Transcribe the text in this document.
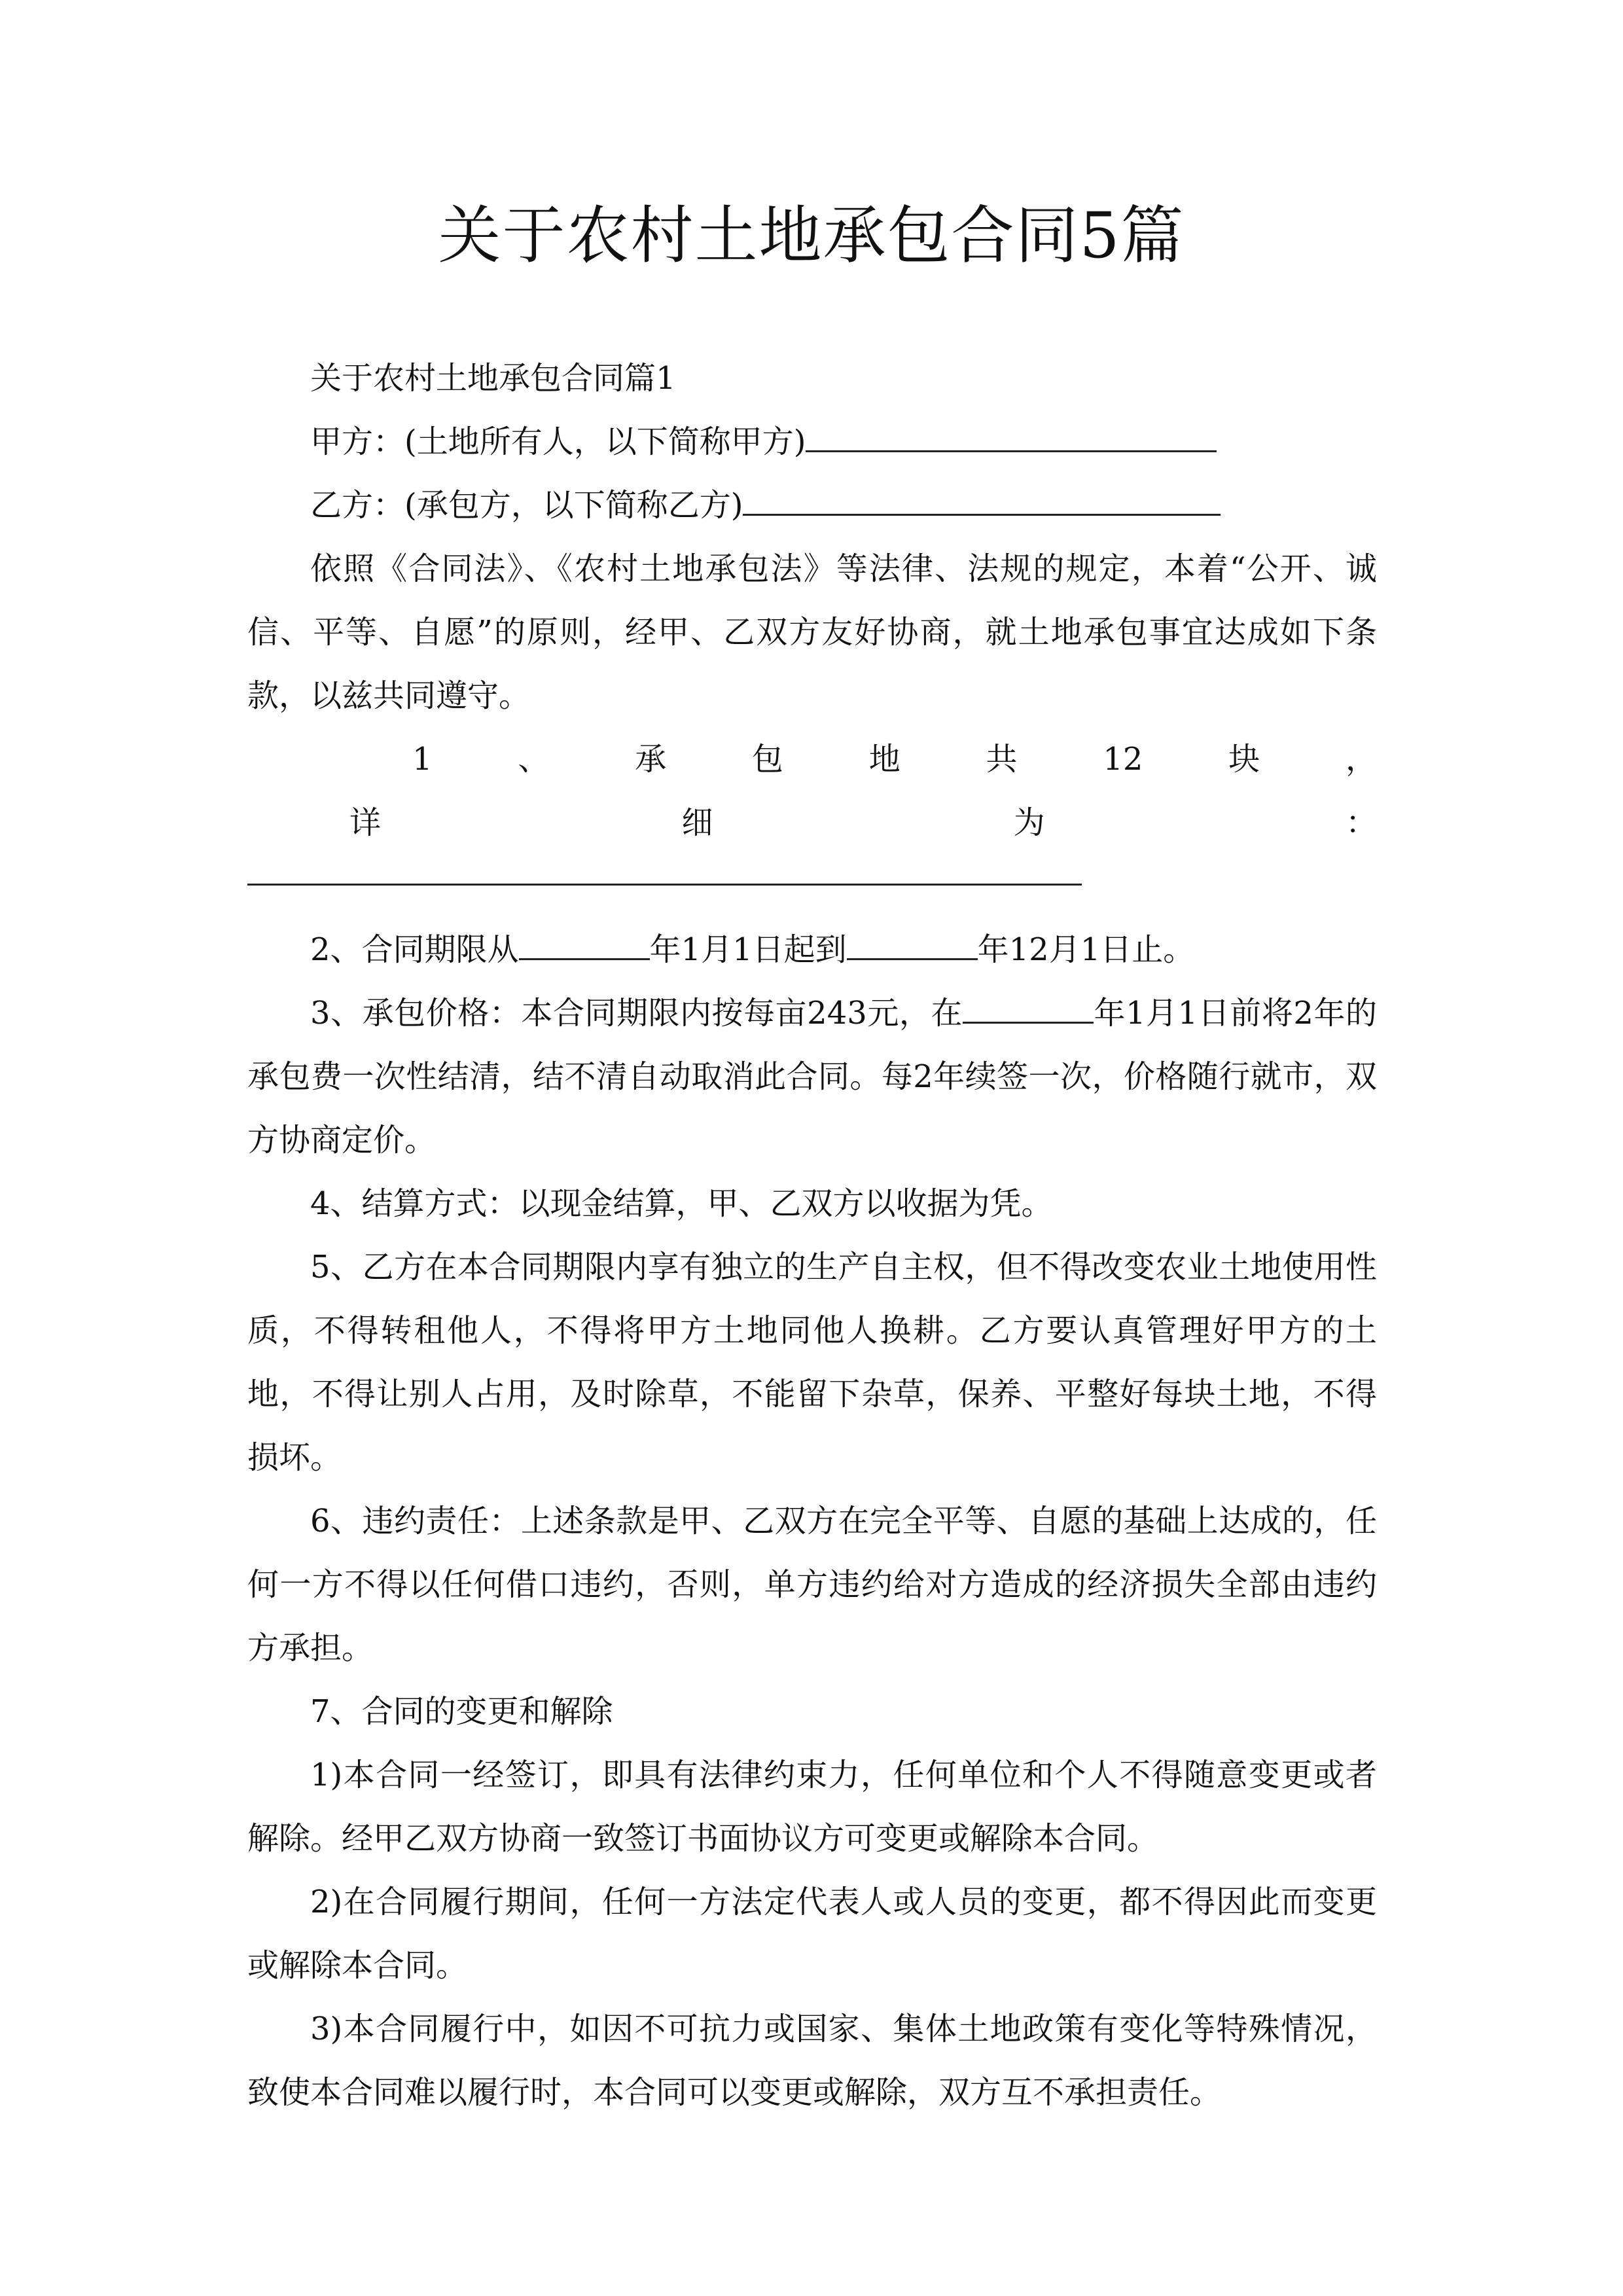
关于农村土地承包合同5篇

关于农村土地承包合同篇1

甲方：(土地所有人，以下简称甲方)

乙方：(承包方，以下简称乙方)

依照《合同法》、《农村土地承包法》等法律、法规的规定，本着“公开、诚信、平等、自愿”的原则，经甲、乙双方友好协商，就土地承包事宜达成如下条款，以兹共同遵守。

1	、	承	包	地	共	12	块	， 详	细	为	：

2、合同期限从	年1月1日起到	年12月1日止。

3、承包价格：本合同期限内按每亩243元，在	年1月1日前将2年的承包费一次性结清，结不清自动取消此合同。每2年续签一次，价格随行就市，双方协商定价。

4、结算方式：以现金结算，甲、乙双方以收据为凭。

5、乙方在本合同期限内享有独立的生产自主权，但不得改变农业土地使用性质，不得转租他人，不得将甲方土地同他人换耕。乙方要认真管理好甲方的土地，不得让别人占用，及时除草，不能留下杂草，保养、平整好每块土地，不得损坏。

6、违约责任：上述条款是甲、乙双方在完全平等、自愿的基础上达成的，任何一方不得以任何借口违约，否则，单方违约给对方造成的经济损失全部由违约方承担。

7、合同的变更和解除

1)本合同一经签订，即具有法律约束力，任何单位和个人不得随意变更或者解除。经甲乙双方协商一致签订书面协议方可变更或解除本合同。

2)在合同履行期间，任何一方法定代表人或人员的变更，都不得因此而变更或解除本合同。

3)本合同履行中，如因不可抗力或国家、集体土地政策有变化等特殊情况，致使本合同难以履行时，本合同可以变更或解除，双方互不承担责任。
